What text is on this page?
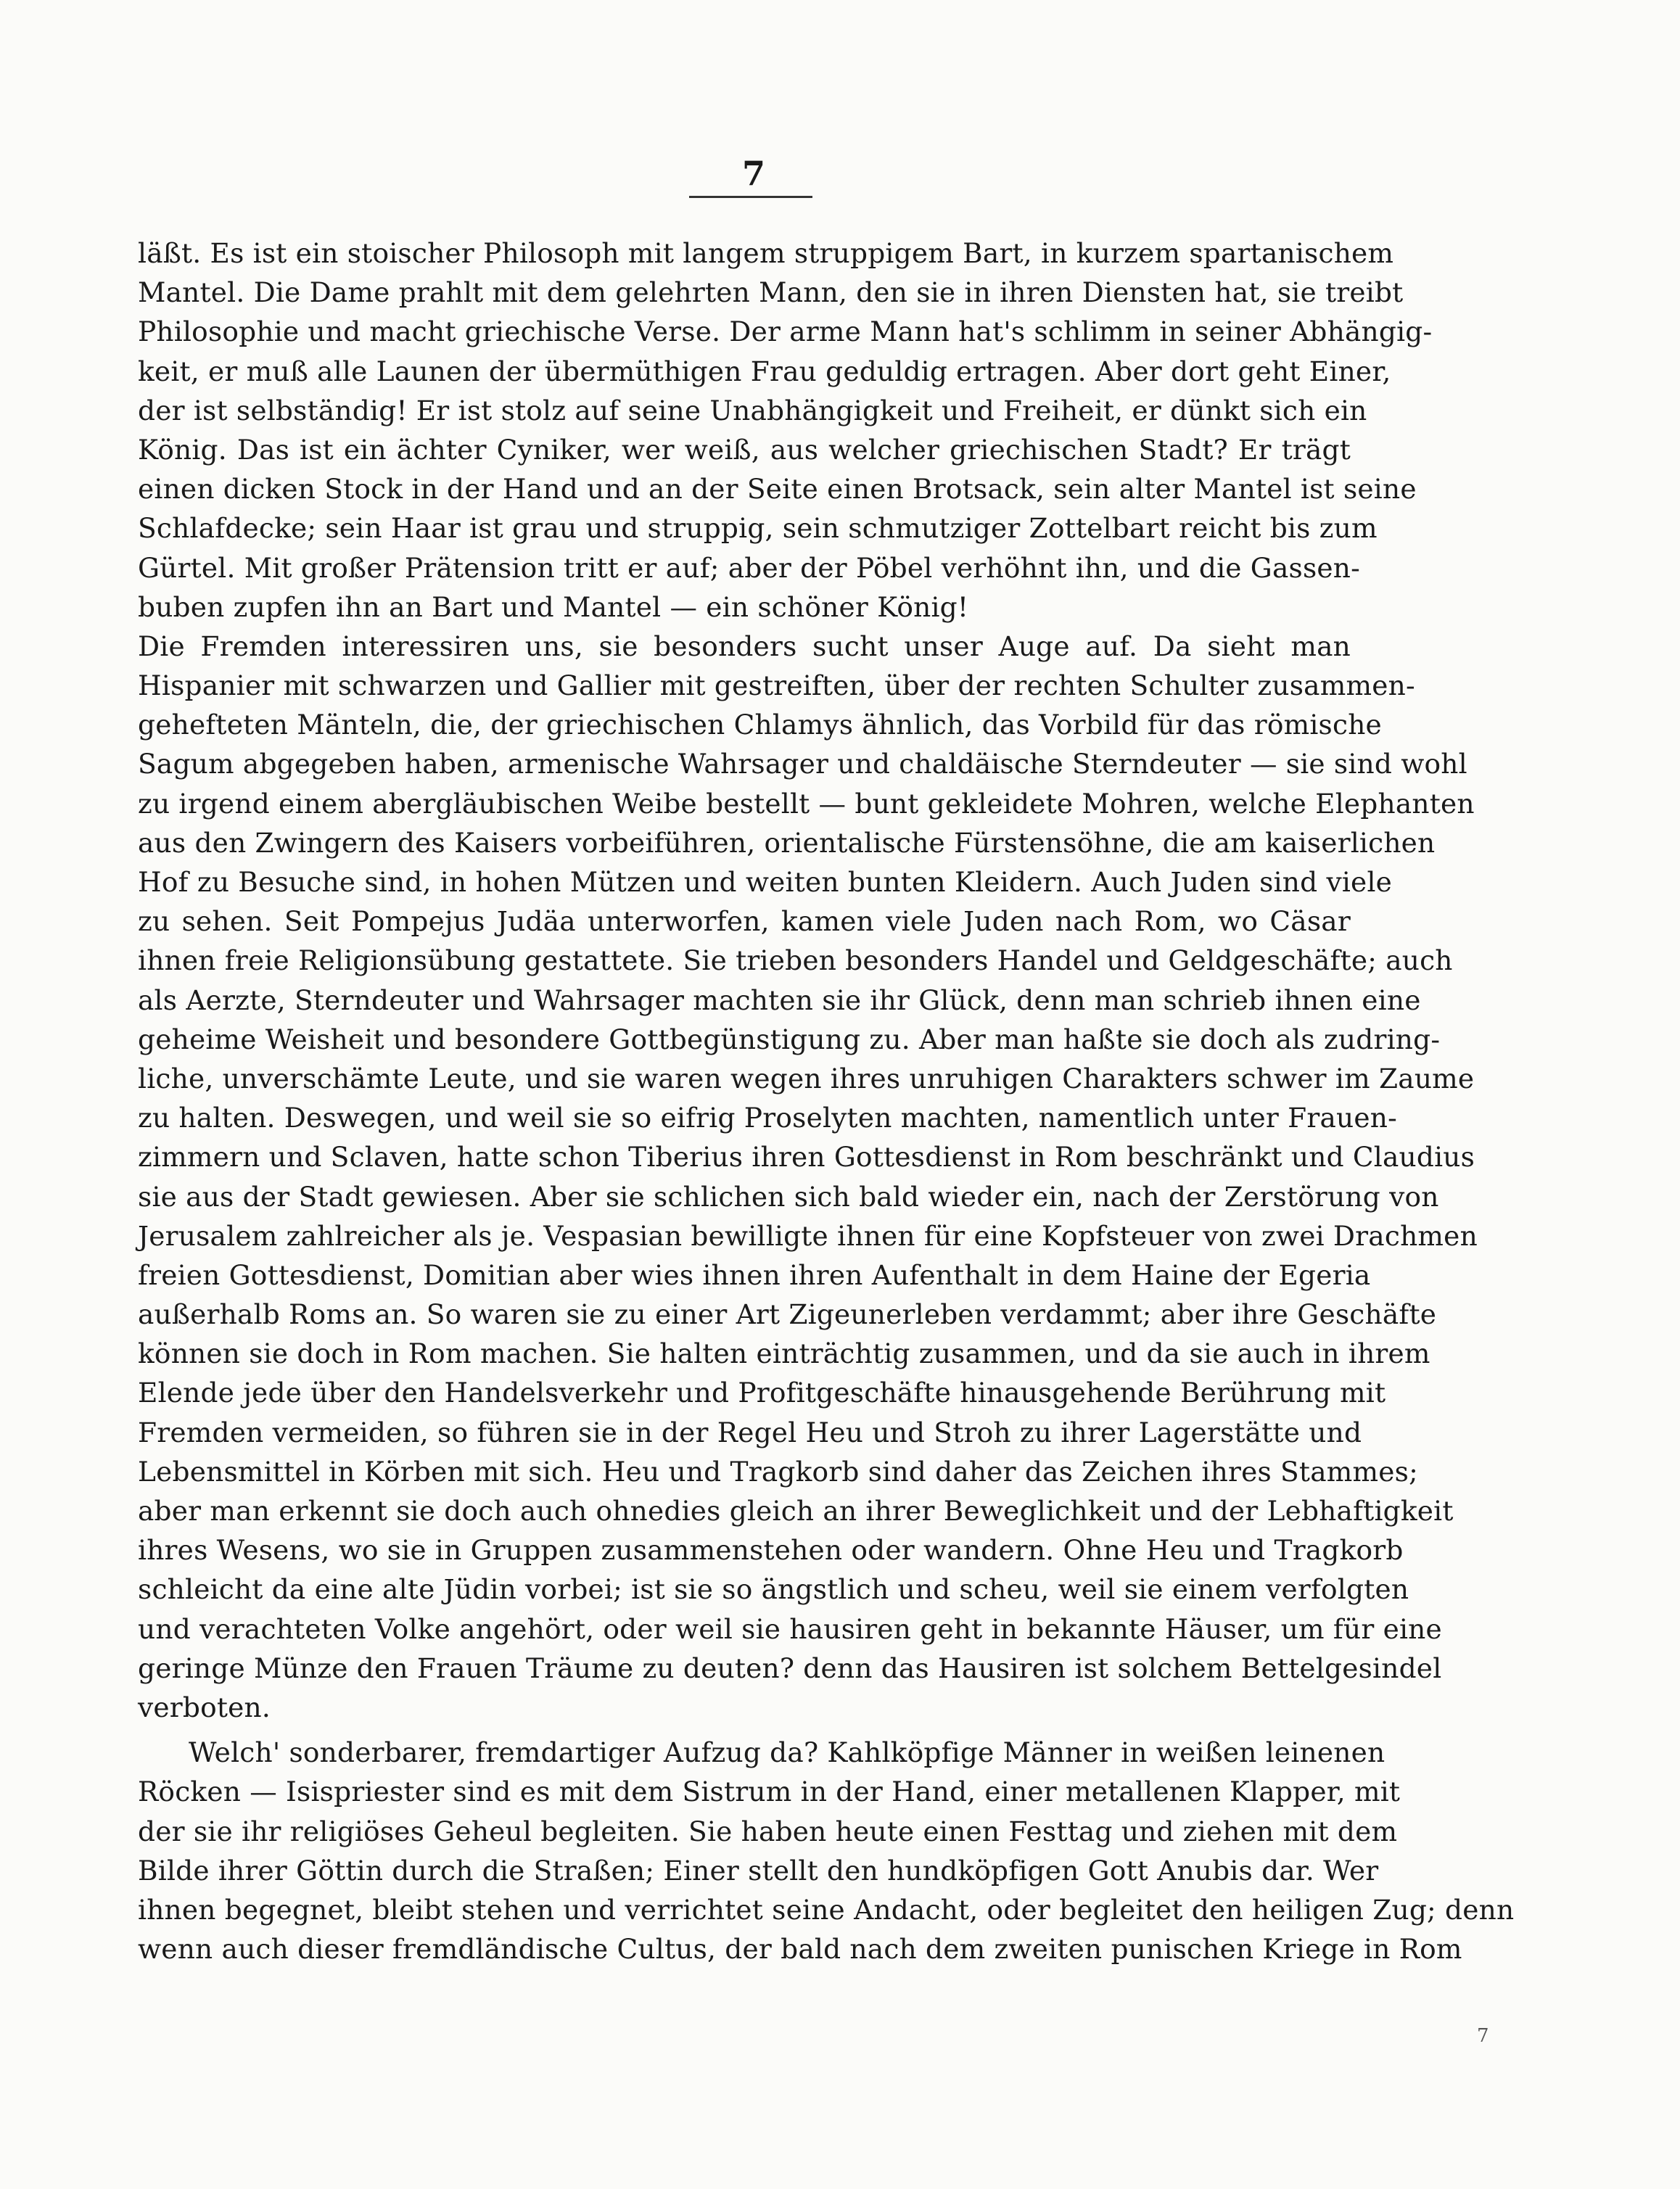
7
läßt. Es ist ein stoischer Philosoph mit langem struppigem Bart, in kurzem spartanischem
Mantel. Die Dame prahlt mit dem gelehrten Mann, den sie in ihren Diensten hat, sie treibt
Philosophie und macht griechische Verse. Der arme Mann hat's schlimm in seiner Abhängig-
keit, er muß alle Launen der übermüthigen Frau geduldig ertragen. Aber dort geht Einer,
der ist selbständig! Er ist stolz auf seine Unabhängigkeit und Freiheit, er dünkt sich ein
König. Das ist ein ächter Cyniker, wer weiß, aus welcher griechischen Stadt? Er trägt
einen dicken Stock in der Hand und an der Seite einen Brotsack, sein alter Mantel ist seine
Schlafdecke; sein Haar ist grau und struppig, sein schmutziger Zottelbart reicht bis zum
Gürtel. Mit großer Prätension tritt er auf; aber der Pöbel verhöhnt ihn, und die Gassen-
buben zupfen ihn an Bart und Mantel — ein schöner König!
Die Fremden interessiren uns, sie besonders sucht unser Auge auf. Da sieht man
Hispanier mit schwarzen und Gallier mit gestreiften, über der rechten Schulter zusammen-
gehefteten Mänteln, die, der griechischen Chlamys ähnlich, das Vorbild für das römische
Sagum abgegeben haben, armenische Wahrsager und chaldäische Sterndeuter — sie sind wohl
zu irgend einem abergläubischen Weibe bestellt — bunt gekleidete Mohren, welche Elephanten
aus den Zwingern des Kaisers vorbeiführen, orientalische Fürstensöhne, die am kaiserlichen
Hof zu Besuche sind, in hohen Mützen und weiten bunten Kleidern. Auch Juden sind viele
zu sehen. Seit Pompejus Judäa unterworfen, kamen viele Juden nach Rom, wo Cäsar
ihnen freie Religionsübung gestattete. Sie trieben besonders Handel und Geldgeschäfte; auch
als Aerzte, Sterndeuter und Wahrsager machten sie ihr Glück, denn man schrieb ihnen eine
geheime Weisheit und besondere Gottbegünstigung zu. Aber man haßte sie doch als zudring-
liche, unverschämte Leute, und sie waren wegen ihres unruhigen Charakters schwer im Zaume
zu halten. Deswegen, und weil sie so eifrig Proselyten machten, namentlich unter Frauen-
zimmern und Sclaven, hatte schon Tiberius ihren Gottesdienst in Rom beschränkt und Claudius
sie aus der Stadt gewiesen. Aber sie schlichen sich bald wieder ein, nach der Zerstörung von
Jerusalem zahlreicher als je. Vespasian bewilligte ihnen für eine Kopfsteuer von zwei Drachmen
freien Gottesdienst, Domitian aber wies ihnen ihren Aufenthalt in dem Haine der Egeria
außerhalb Roms an. So waren sie zu einer Art Zigeunerleben verdammt; aber ihre Geschäfte
können sie doch in Rom machen. Sie halten einträchtig zusammen, und da sie auch in ihrem
Elende jede über den Handelsverkehr und Profitgeschäfte hinausgehende Berührung mit
Fremden vermeiden, so führen sie in der Regel Heu und Stroh zu ihrer Lagerstätte und
Lebensmittel in Körben mit sich. Heu und Tragkorb sind daher das Zeichen ihres Stammes;
aber man erkennt sie doch auch ohnedies gleich an ihrer Beweglichkeit und der Lebhaftigkeit
ihres Wesens, wo sie in Gruppen zusammenstehen oder wandern. Ohne Heu und Tragkorb
schleicht da eine alte Jüdin vorbei; ist sie so ängstlich und scheu, weil sie einem verfolgten
und verachteten Volke angehört, oder weil sie hausiren geht in bekannte Häuser, um für eine
geringe Münze den Frauen Träume zu deuten? denn das Hausiren ist solchem Bettelgesindel
verboten.
Welch' sonderbarer, fremdartiger Aufzug da? Kahlköpfige Männer in weißen leinenen
Röcken — Isispriester sind es mit dem Sistrum in der Hand, einer metallenen Klapper, mit
der sie ihr religiöses Geheul begleiten. Sie haben heute einen Festtag und ziehen mit dem
Bilde ihrer Göttin durch die Straßen; Einer stellt den hundköpfigen Gott Anubis dar. Wer
ihnen begegnet, bleibt stehen und verrichtet seine Andacht, oder begleitet den heiligen Zug; denn
wenn auch dieser fremdländische Cultus, der bald nach dem zweiten punischen Kriege in Rom
7
